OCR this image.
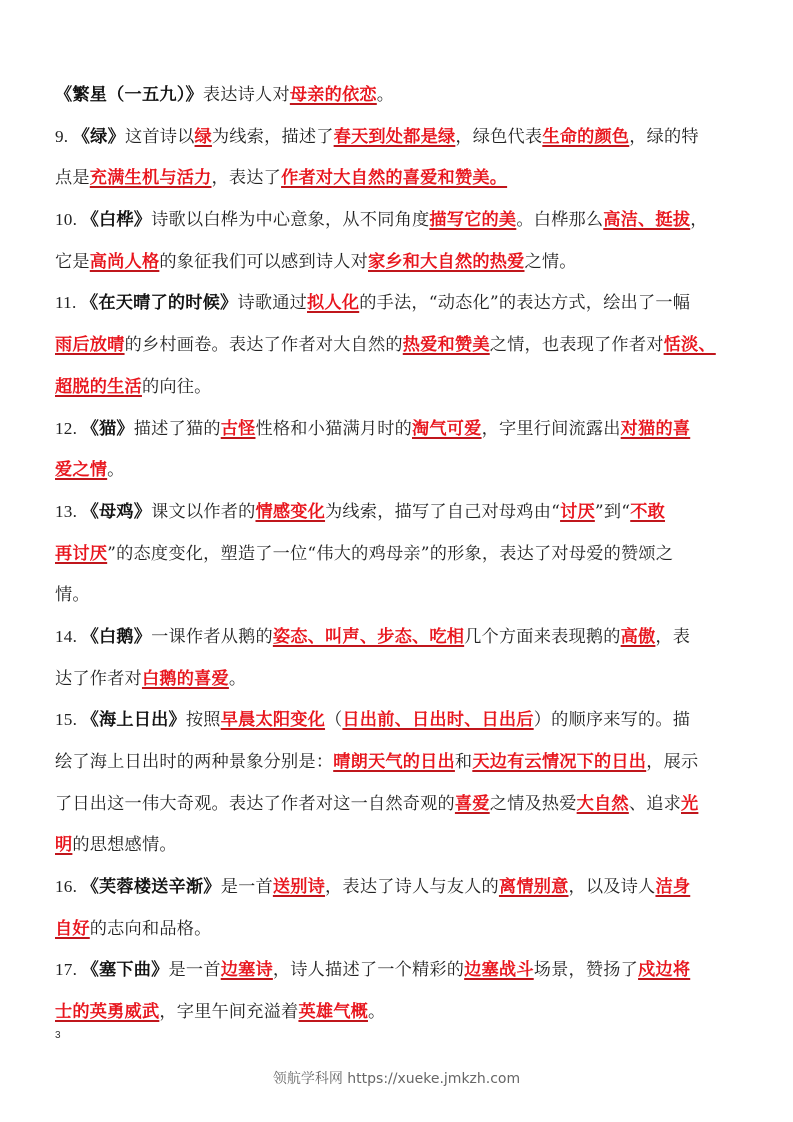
《繁星（一五九）》表达诗人对母亲的依恋。
9. 《绿》这首诗以绿为线索，描述了春天到处都是绿，绿色代表生命的颜色，绿的特
点是充满生机与活力，表达了作者对大自然的喜爱和赞美。
10. 《白桦》诗歌以白桦为中心意象，从不同角度描写它的美。白桦那么高洁、挺拔，
它是高尚人格的象征我们可以感到诗人对家乡和大自然的热爱之情。
11. 《在天晴了的时候》诗歌通过拟人化的手法，“动态化”的表达方式，绘出了一幅
雨后放晴的乡村画卷。表达了作者对大自然的热爱和赞美之情，也表现了作者对恬淡、
超脱的生活的向往。
12. 《猫》描述了猫的古怪性格和小猫满月时的淘气可爱，字里行间流露出对猫的喜
爱之情。
13. 《母鸡》课文以作者的情感变化为线索，描写了自己对母鸡由“讨厌”到“不敢
再讨厌”的态度变化，塑造了一位“伟大的鸡母亲”的形象，表达了对母爱的赞颂之
情。
14. 《白鹅》一课作者从鹅的姿态、叫声、步态、吃相几个方面来表现鹅的高傲，表
达了作者对白鹅的喜爱。
15. 《海上日出》按照早晨太阳变化（日出前、日出时、日出后）的顺序来写的。描
绘了海上日出时的两种景象分别是：晴朗天气的日出和天边有云情况下的日出，展示
了日出这一伟大奇观。表达了作者对这一自然奇观的喜爱之情及热爱大自然、追求光
明的思想感情。
16. 《芙蓉楼送辛渐》是一首送别诗，表达了诗人与友人的离情别意，以及诗人洁身
自好的志向和品格。
17. 《塞下曲》是一首边塞诗，诗人描述了一个精彩的边塞战斗场景，赞扬了戍边将
士的英勇威武，字里午间充溢着英雄气概。
3
领航学科网 https://xueke.jmkzh.com
